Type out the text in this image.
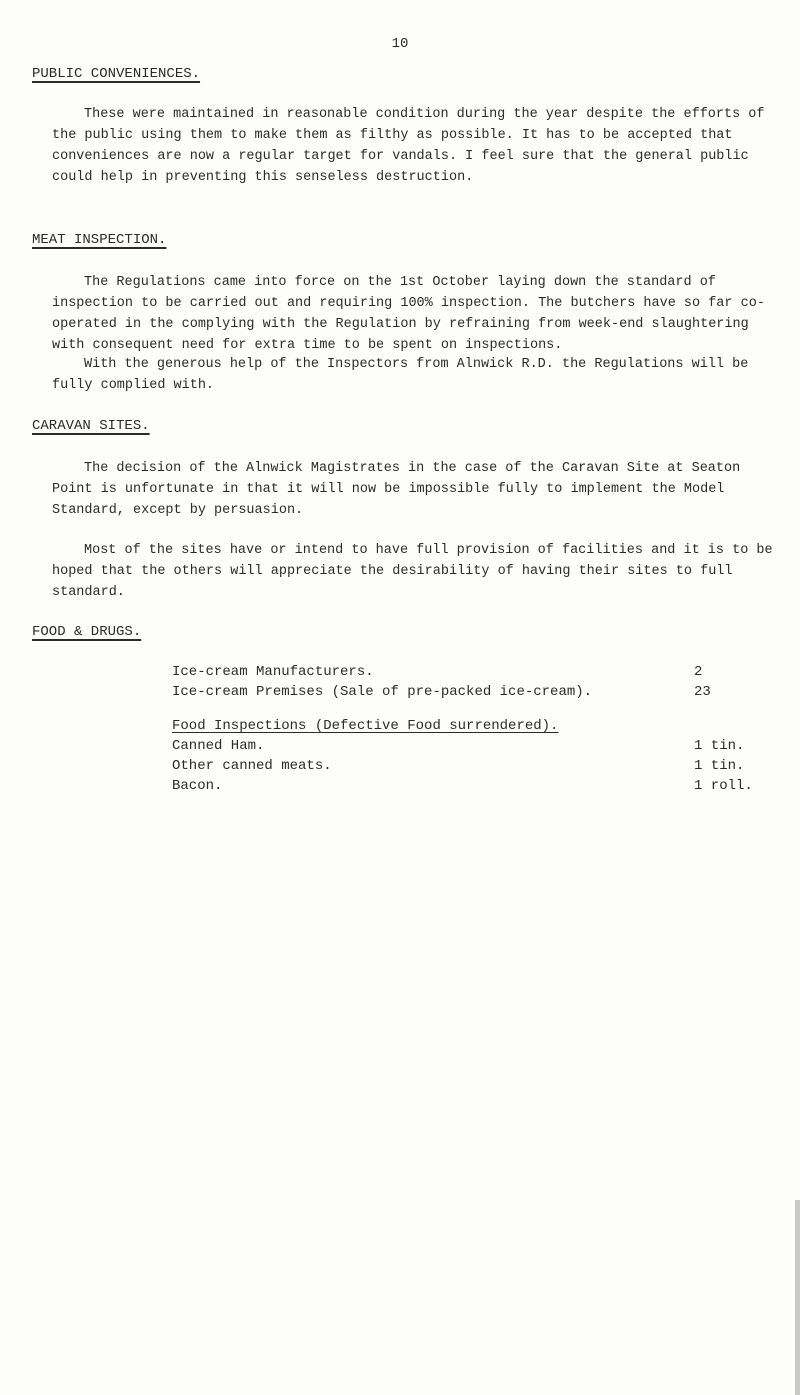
10
PUBLIC CONVENIENCES.

These were maintained in reasonable condition during the year despite the efforts of the public using them to make them as filthy as possible. It has to be accepted that conveniences are now a regular target for vandals. I feel sure that the general public could help in preventing this senseless destruction.

MEAT INSPECTION.

The Regulations came into force on the 1st October laying down the standard of inspection to be carried out and requiring 100% inspection. The butchers have so far co-operated in the complying with the Regulation by refraining from week-end slaughtering with consequent need for extra time to be spent on inspections.

With the generous help of the Inspectors from Alnwick R.D. the Regulations will be fully complied with.

CARAVAN SITES.

The decision of the Alnwick Magistrates in the case of the Caravan Site at Seaton Point is unfortunate in that it will now be impossible fully to implement the Model Standard, except by persuasion.

Most of the sites have or intend to have full provision of facilities and it is to be hoped that the others will appreciate the desirability of having their sites to full standard.

FOOD & DRUGS.
Ice-cream Manufacturers.	2
Ice-cream Premises (Sale of pre-packed ice-cream).	23
Food Inspections (Defective Food surrendered).
Canned Ham.	1 tin.
Other canned meats.	1 tin.
Bacon.	1 roll.
